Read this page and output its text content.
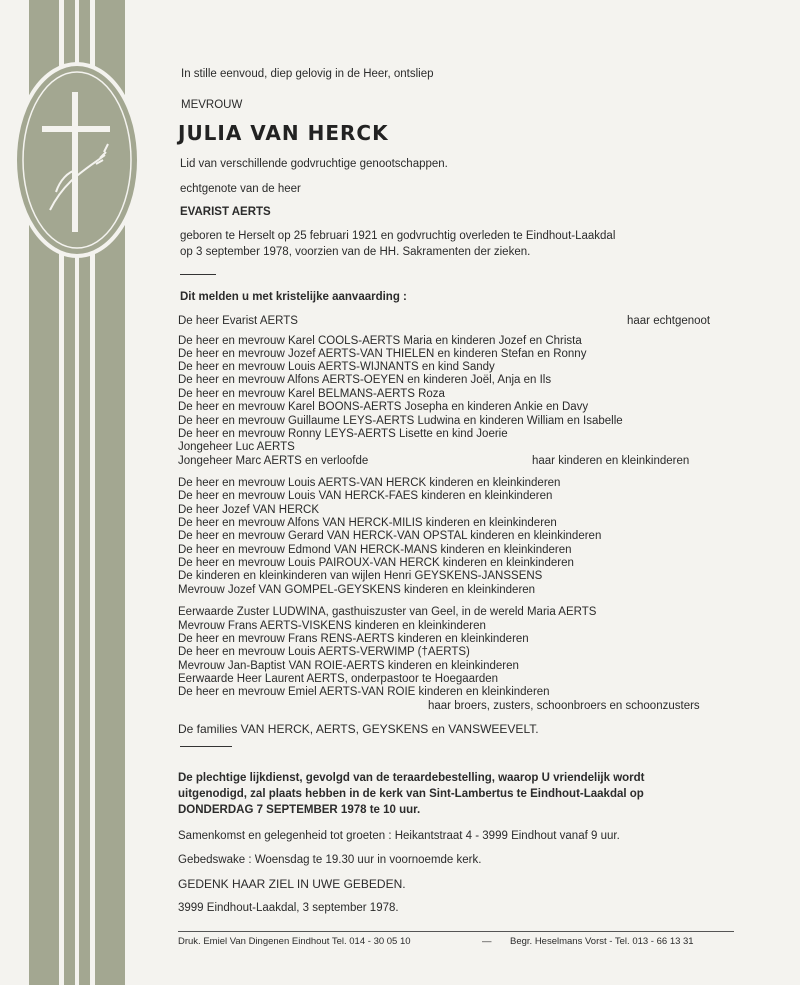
In stille eenvoud, diep gelovig in de Heer, ontsliep
MEVROUW
JULIA VAN HERCK
Lid van verschillende godvruchtige genootschappen.
echtgenote van de heer
EVARIST AERTS
geboren te Herselt op 25 februari 1921 en godvruchtig overleden te Eindhout-Laakdal
op 3 september 1978, voorzien van de HH. Sakramenten der zieken.
Dit melden u met kristelijke aanvaarding :
De heer Evarist AERTS	haar echtgenoot
De heer en mevrouw Karel COOLS-AERTS Maria en kinderen Jozef en Christa
De heer en mevrouw Jozef AERTS-VAN THIELEN en kinderen Stefan en Ronny
De heer en mevrouw Louis AERTS-WIJNANTS en kind Sandy
De heer en mevrouw Alfons AERTS-OEYEN en kinderen Joël, Anja en Ils
De heer en mevrouw Karel BELMANS-AERTS Roza
De heer en mevrouw Karel BOONS-AERTS Josepha en kinderen Ankie en Davy
De heer en mevrouw Guillaume LEYS-AERTS Ludwina en kinderen William en Isabelle
De heer en mevrouw Ronny LEYS-AERTS Lisette en kind Joerie
Jongeheer Luc AERTS
Jongeheer Marc AERTS en verloofde	haar kinderen en kleinkinderen
De heer en mevrouw Louis AERTS-VAN HERCK kinderen en kleinkinderen
De heer en mevrouw Louis VAN HERCK-FAES kinderen en kleinkinderen
De heer Jozef VAN HERCK
De heer en mevrouw Alfons VAN HERCK-MILIS kinderen en kleinkinderen
De heer en mevrouw Gerard VAN HERCK-VAN OPSTAL kinderen en kleinkinderen
De heer en mevrouw Edmond VAN HERCK-MANS kinderen en kleinkinderen
De heer en mevrouw Louis PAIROUX-VAN HERCK kinderen en kleinkinderen
De kinderen en kleinkinderen van wijlen Henri GEYSKENS-JANSSENS
Mevrouw Jozef VAN GOMPEL-GEYSKENS kinderen en kleinkinderen
Eerwaarde Zuster LUDWINA, gasthuiszuster van Geel, in de wereld Maria AERTS
Mevrouw Frans AERTS-VISKENS kinderen en kleinkinderen
De heer en mevrouw Frans RENS-AERTS kinderen en kleinkinderen
De heer en mevrouw Louis AERTS-VERWIMP (†AERTS)
Mevrouw Jan-Baptist VAN ROIE-AERTS kinderen en kleinkinderen
Eerwaarde Heer Laurent AERTS, onderpastoor te Hoegaarden
De heer en mevrouw Emiel AERTS-VAN ROIE kinderen en kleinkinderen
haar broers, zusters, schoonbroers en schoonzusters
De families VAN HERCK, AERTS, GEYSKENS en VANSWEEVELT.
De plechtige lijkdienst, gevolgd van de teraardebestelling, waarop U vriendelijk wordt
uitgenodigd, zal plaats hebben in de kerk van Sint-Lambertus te Eindhout-Laakdal op
DONDERDAG 7 SEPTEMBER 1978 te 10 uur.
Samenkomst en gelegenheid tot groeten : Heikantstraat 4 - 3999 Eindhout vanaf 9 uur.
Gebedswake : Woensdag te 19.30 uur in voornoemde kerk.
GEDENK HAAR ZIEL IN UWE GEBEDEN.
3999 Eindhout-Laakdal, 3 september 1978.
Druk. Emiel Van Dingenen Eindhout Tel. 014 - 30 05 10	— Begr. Heselmans Vorst - Tel. 013 - 66 13 31
